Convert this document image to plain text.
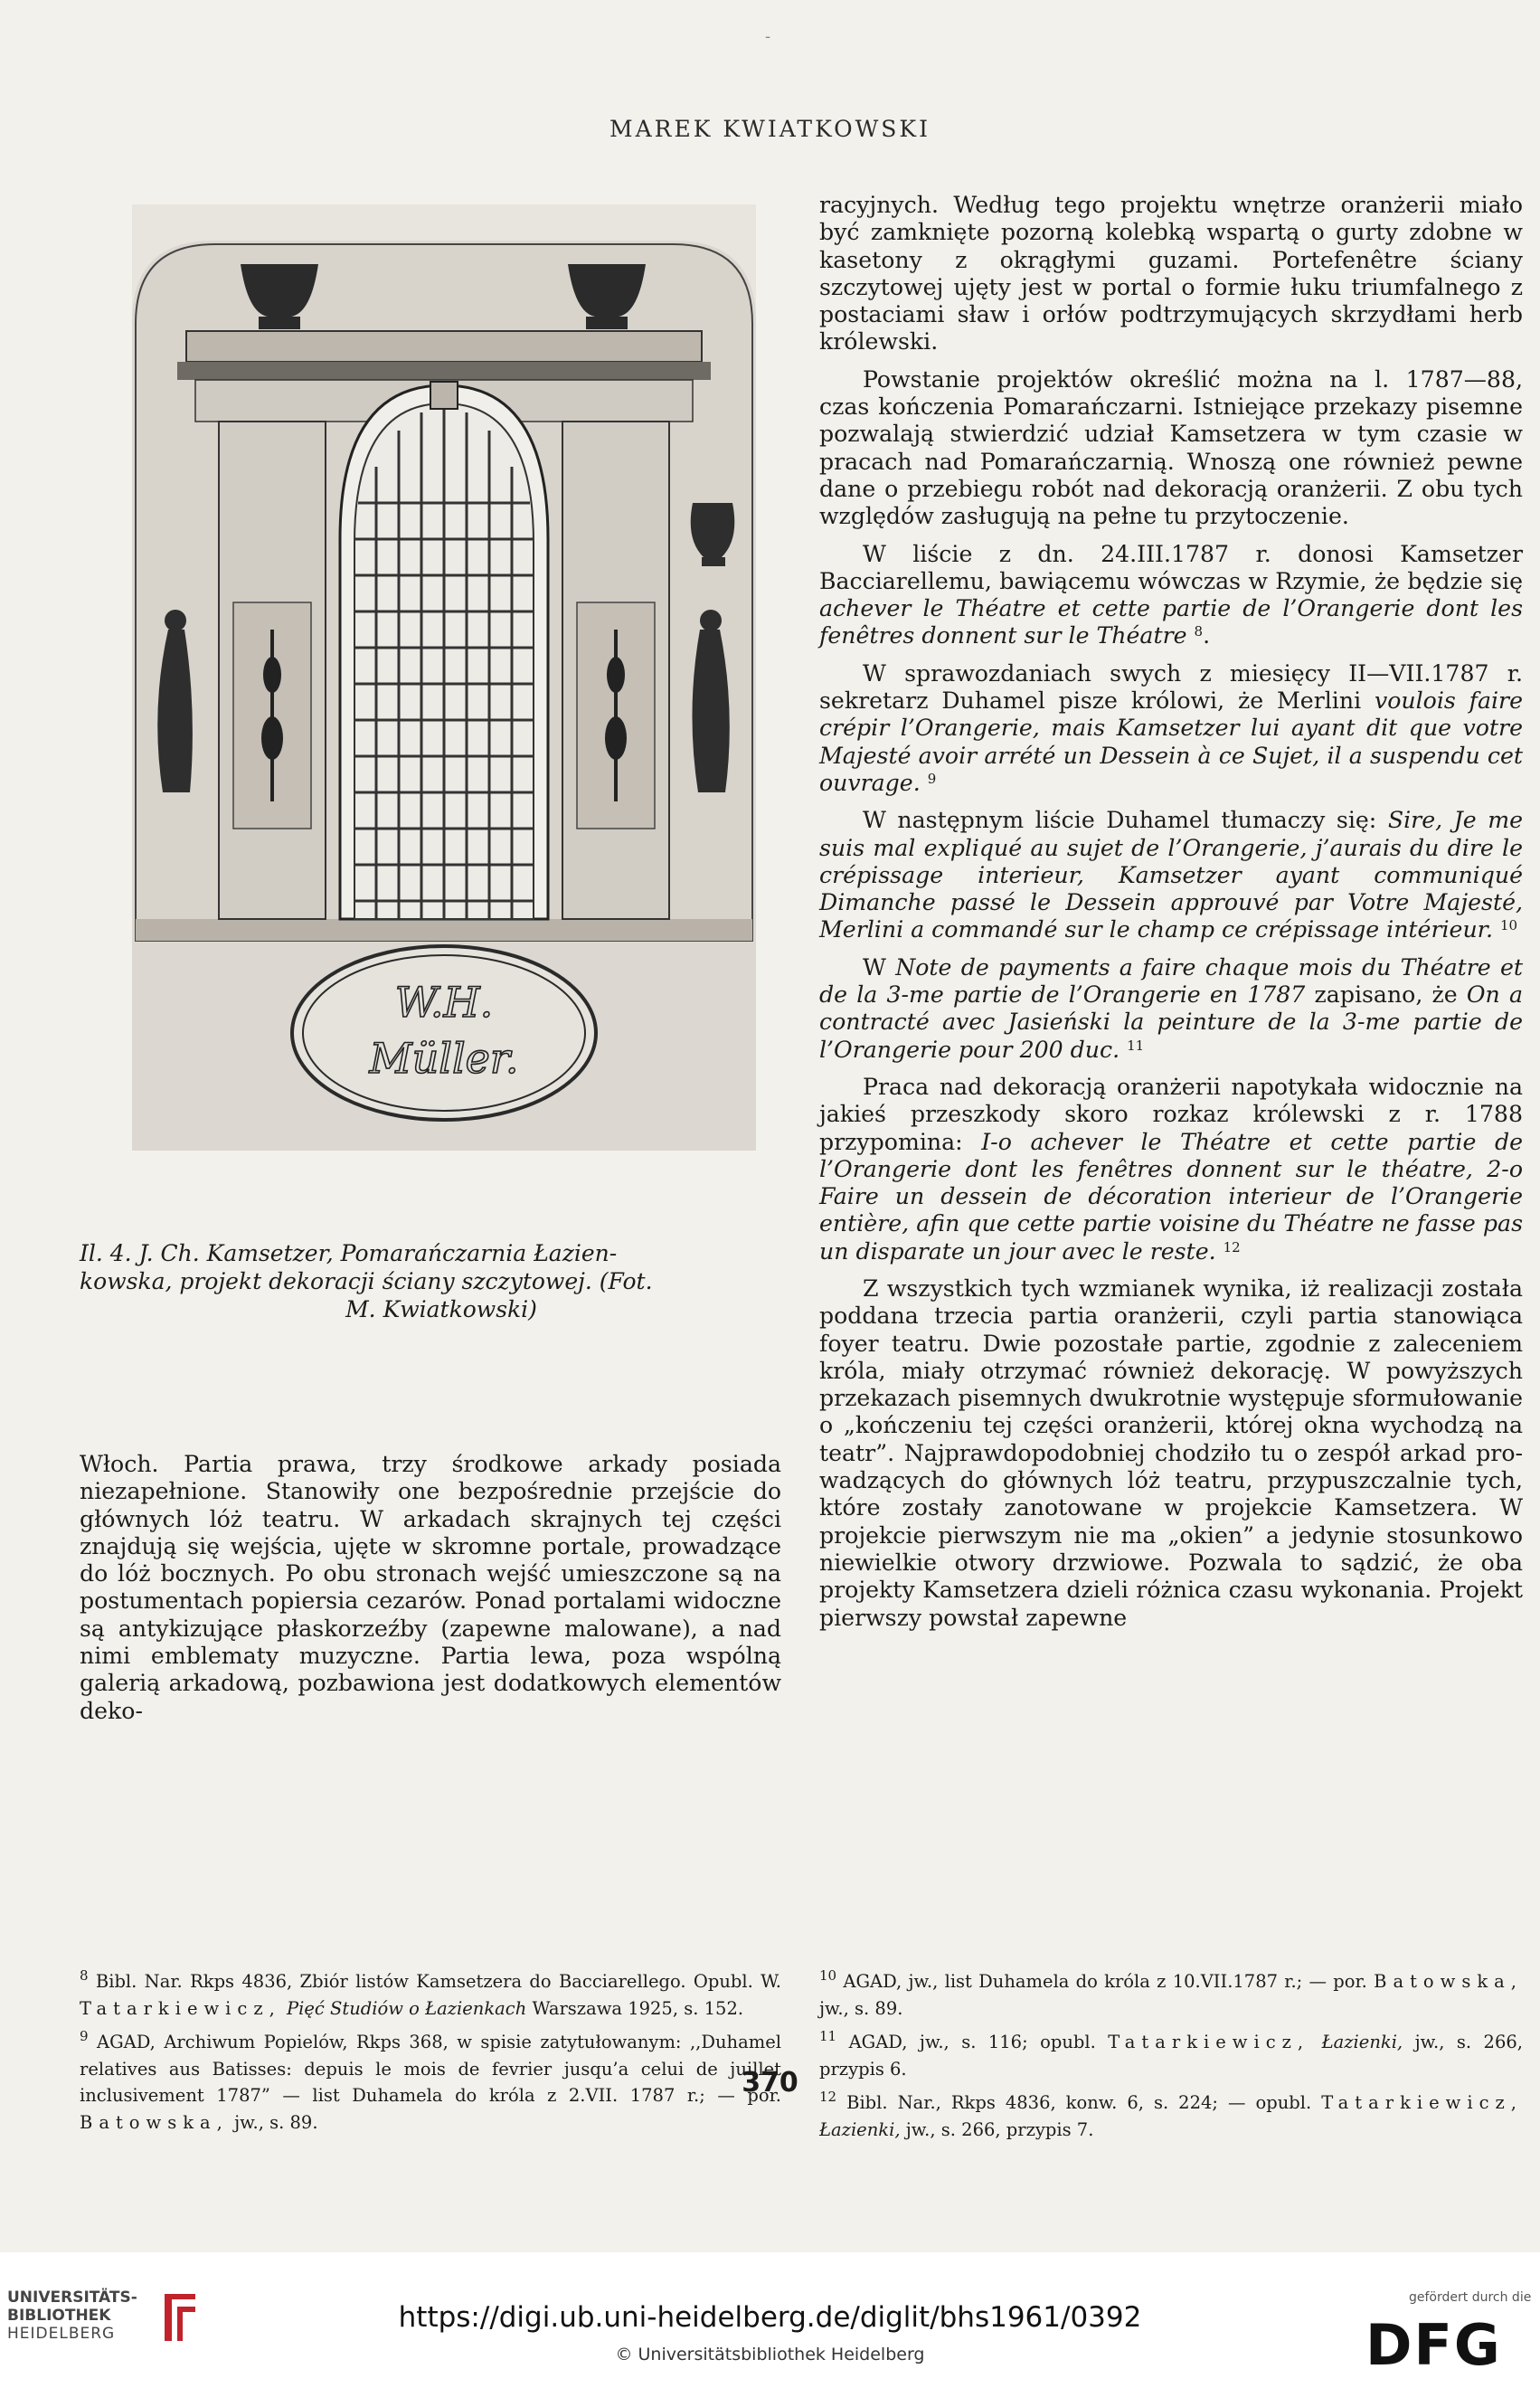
-
MAREK KWIATKOWSKI
W.H.
Müller.
Il. 4. J. Ch. Kamsetzer, Pomarańczarnia Łazien-
kowska, projekt dekoracji ściany szczytowej. (Fot.
M. Kwiatkowski)

Włoch. Partia prawa, trzy środkowe arkady posiada niezapełnione. Stanowiły one bezpośrednie przejście do głównych lóż teatru. W arkadach skrajnych tej części znajdują się wejścia, ujęte w skromne portale, prowadzące do lóż bocznych. Po obu stronach wejść umieszczone są na postumentach popiersia cezarów. Ponad portalami widoczne są antykizujące płaskorzeźby (zapewne malowane), a nad nimi emblematy muzyczne. Partia lewa, poza wspólną galerią arkadową, pozbawiona jest dodatkowych elementów deko-

racyjnych. Według tego projektu wnętrze oranżerii miało być zamknięte pozorną kolebką wspartą o gurty zdobne w kasetony z okrągłymi guzami. Portefenêtre ściany szczytowej ujęty jest w portal o formie łuku triumfalnego z postaciami sław i orłów podtrzymujących skrzydłami herb królewski.

Powstanie projektów określić można na l. 1787—88, czas kończenia Pomarańczarni. Istniejące przekazy pisemne pozwalają stwierdzić udział Kamsetzera w tym czasie w pracach nad Pomarańczarnią. Wnoszą one również pewne dane o przebiegu robót nad dekoracją oranżerii. Z obu tych względów zasługują na pełne tu przytoczenie.

W liście z dn. 24.III.1787 r. donosi Kamsetzer Bacciarellemu, bawiącemu wówczas w Rzymie, że będzie się achever le Théatre et cette partie de l’Orangerie dont les fenêtres donnent sur le Théatre $^8$.

W sprawozdaniach swych z miesięcy II—VII.1787 r. sekretarz Duhamel pisze królowi, że Merlini voulois faire crépir l’Orangerie, mais Kamsetzer lui ayant dit que votre Majesté avoir arrété un Dessein à ce Sujet, il a suspendu cet ouvrage. $^9$

W następnym liście Duhamel tłumaczy się: Sire, Je me suis mal expliqué au sujet de l’Orangerie, j’aurais du dire le crépissage interieur, Kamsetzer ayant communiqué Dimanche passé le Dessein approuvé par Votre Majesté, Merlini a commandé sur le champ ce crépissage intérieur. $^{10}$

W Note de payments a faire chaque mois du Théatre et de la 3-me partie de l’Orangerie en 1787 zapisano, że On a contracté avec Jasieński la peinture de la 3-me partie de l’Orangerie pour 200 duc. $^{11}$

Praca nad dekoracją oranżerii napotykała widocznie na jakieś przeszkody skoro rozkaz królewski z r. 1788 przypomina: I-o achever le Théatre et cette partie de l’Orangerie dont les fenêtres donnent sur le théatre, 2-o Faire un dessein de décoration interieur de l’Orangerie entière, afin que cette partie voisine du Théatre ne fasse pas un disparate un jour avec le reste. $^{12}$

Z wszystkich tych wzmianek wynika, iż realizacji została poddana trzecia partia oranżerii, czyli partia stanowiąca foyer teatru. Dwie pozostałe partie, zgodnie z zaleceniem króla, miały otrzymać również dekorację. W powyższych przekazach pisemnych dwukrotnie występuje sformułowanie o „kończeniu tej części oranżerii, której okna wychodzą na teatr”. Najprawdopodobniej chodziło tu o zespół arkad prowadzących do głównych lóż teatru, przypuszczalnie tych, które zostały zanotowane w projekcie Kamsetzera. W projekcie pierwszym nie ma „okien” a jedynie stosunkowo niewielkie otwory drzwiowe. Pozwala to sądzić, że oba projekty Kamsetzera dzieli różnica czasu wykonania. Projekt pierwszy powstał zapewne

$^8$ Bibl. Nar. Rkps 4836, Zbiór listów Kamsetzera do Bacciarellego. Opubl. W. Tatarkiewicz, Pięć Studiów o Łazienkach Warszawa 1925, s. 152.

$^9$ AGAD, Archiwum Popielów, Rkps 368, w spisie zatytułowanym: ,,Duhamel relatives aus Batisses: depuis le mois de fevrier jusqu’a celui de juillet inclusivement 1787” — list Duhamela do króla z 2.VII. 1787 r.; — por. Batowska, jw., s. 89.

$^{10}$ AGAD, jw., list Duhamela do króla z 10.VII.1787 r.; — por. Batowska, jw., s. 89.

$^{11}$ AGAD, jw., s. 116; opubl. Tatarkiewicz, Łazienki, jw., s. 266, przypis 6.

$^{12}$ Bibl. Nar., Rkps 4836, konw. 6, s. 224; — opubl. Tatarkiewicz, Łazienki, jw., s. 266, przypis 7.

370
UNIVERSITÄTS-
BIBLIOTHEK
HEIDELBERG	https://digi.ub.uni-heidelberg.de/diglit/bhs1961/0392
© Universitätsbibliothek Heidelberg
gefördert durch die
DFG
